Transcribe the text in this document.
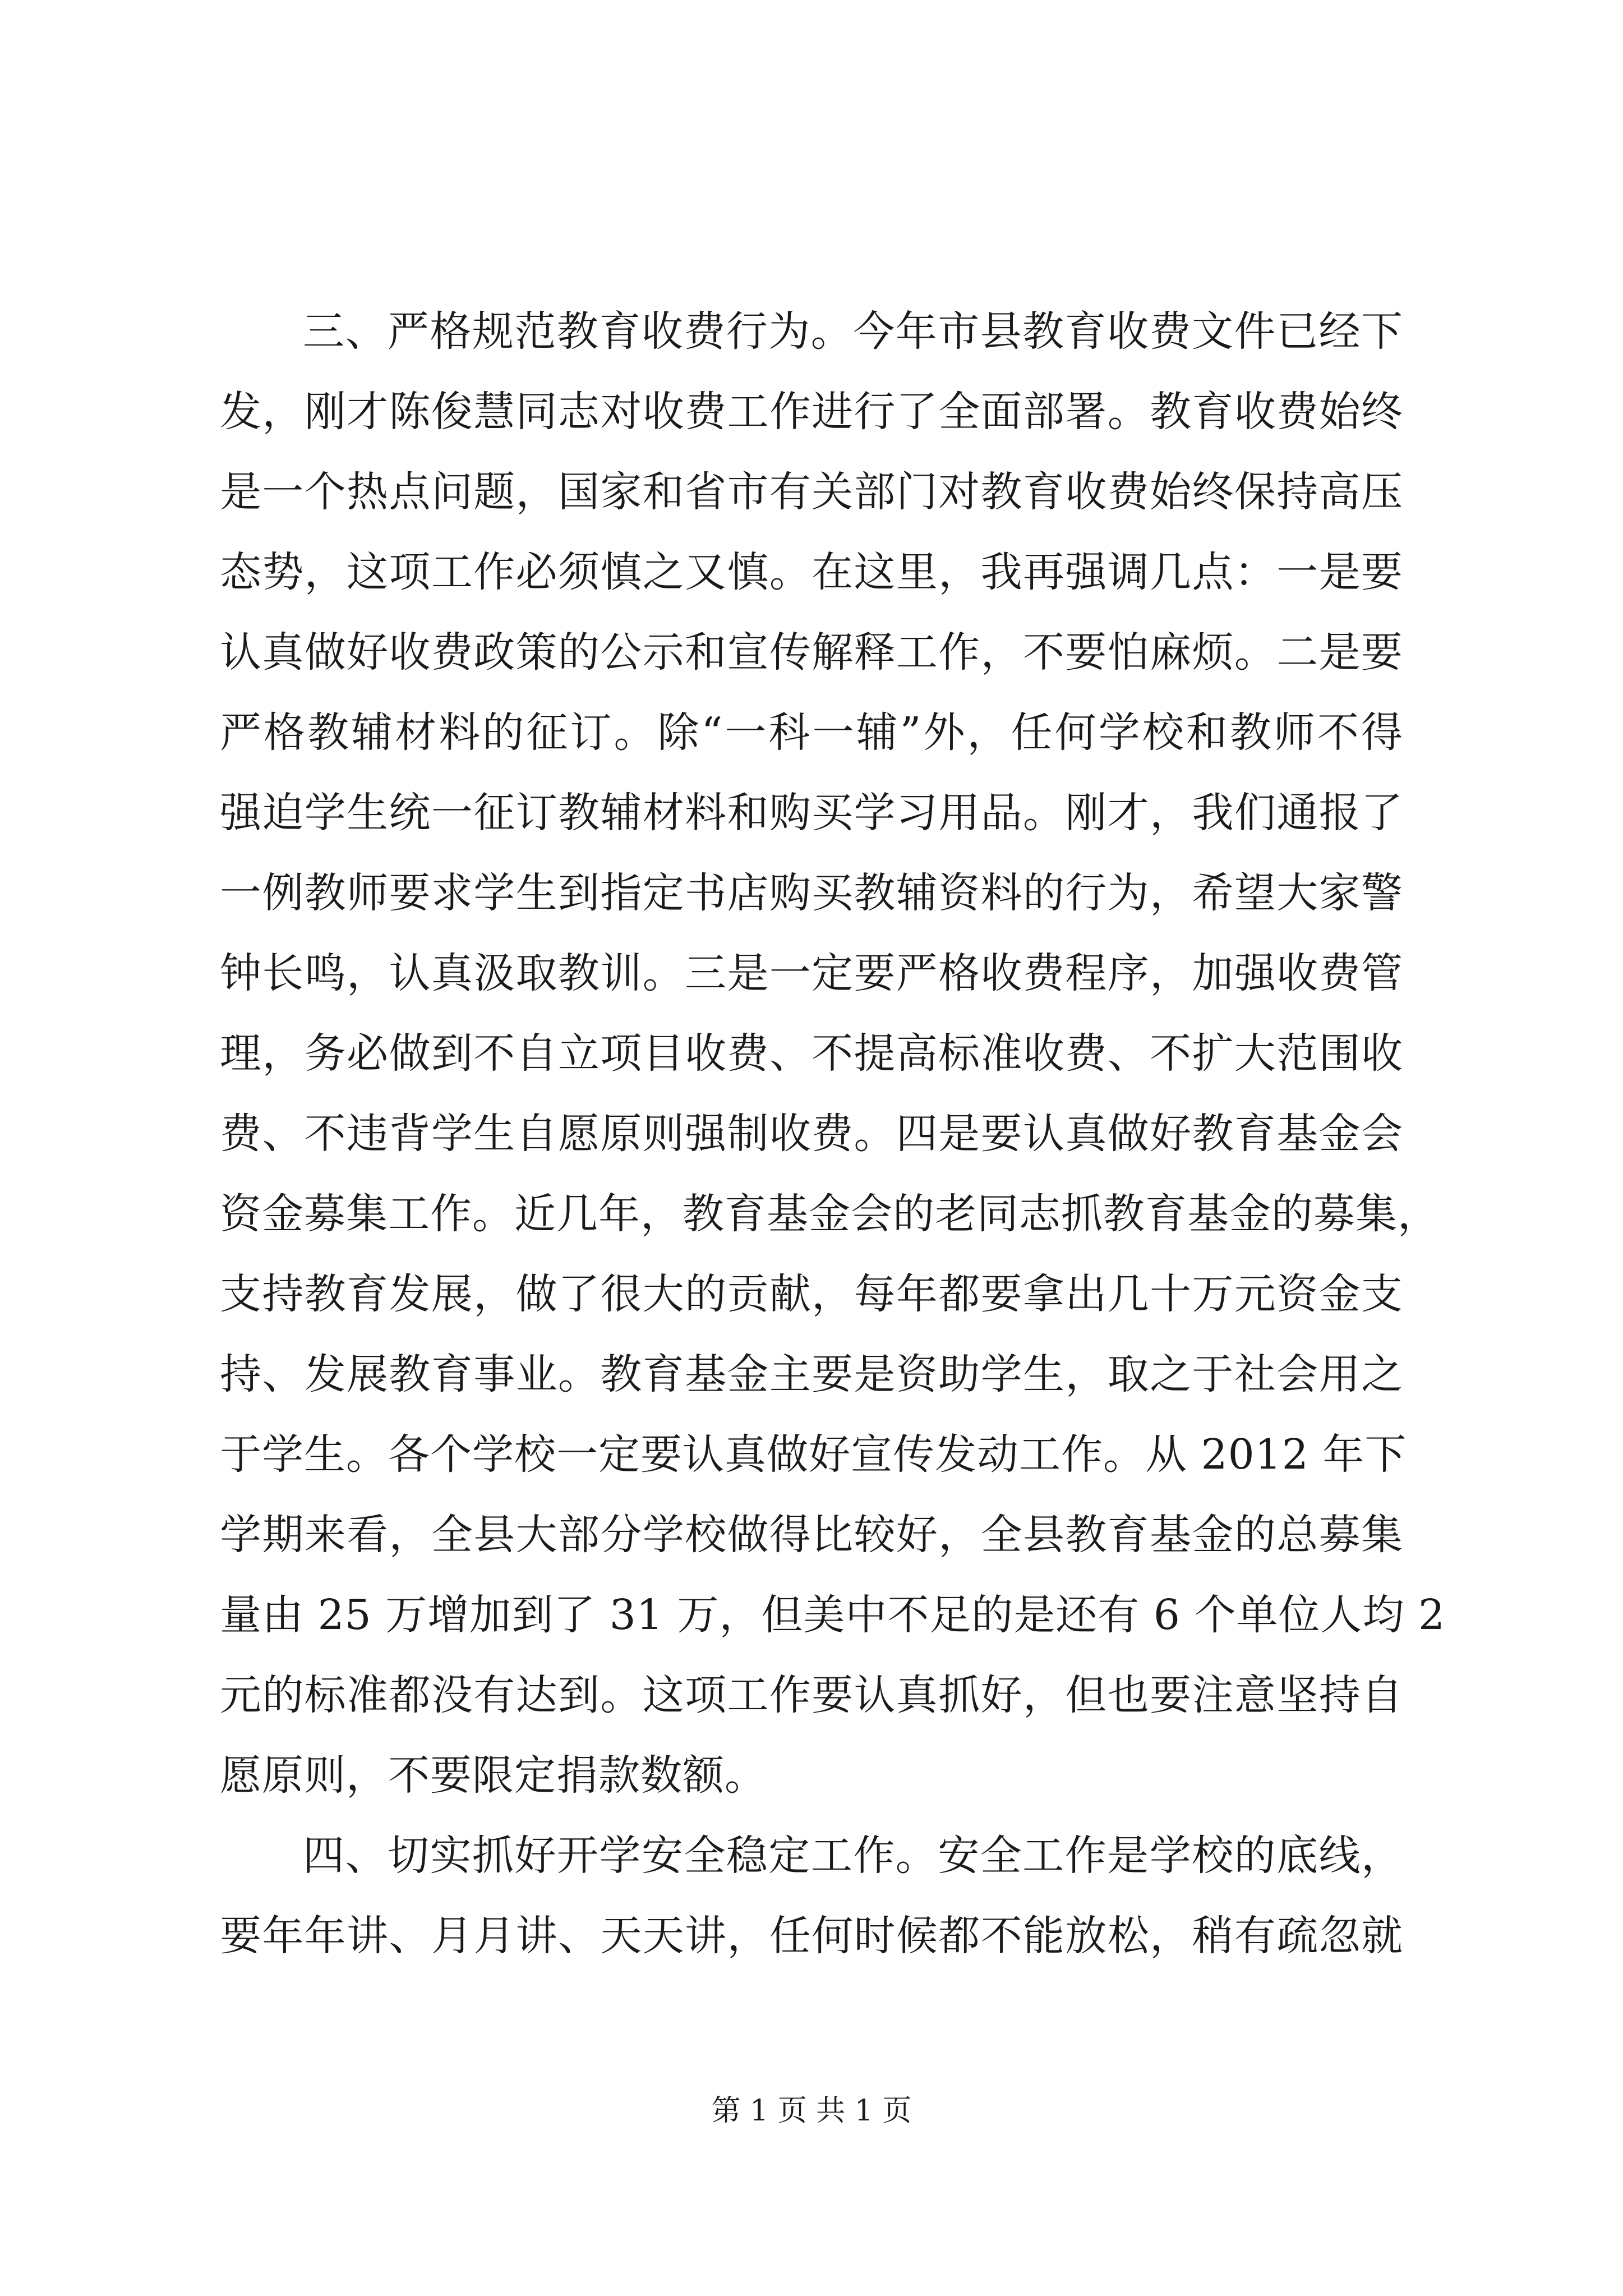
三、严格规范教育收费行为。今年市县教育收费文件已经下
发，刚才陈俊慧同志对收费工作进行了全面部署。教育收费始终
是一个热点问题，国家和省市有关部门对教育收费始终保持高压
态势，这项工作必须慎之又慎。在这里，我再强调几点：一是要
认真做好收费政策的公示和宣传解释工作，不要怕麻烦。二是要
严格教辅材料的征订。除“一科一辅”外，任何学校和教师不得
强迫学生统一征订教辅材料和购买学习用品。刚才，我们通报了
一例教师要求学生到指定书店购买教辅资料的行为，希望大家警
钟长鸣，认真汲取教训。三是一定要严格收费程序，加强收费管
理，务必做到不自立项目收费、不提高标准收费、不扩大范围收
费、不违背学生自愿原则强制收费。四是要认真做好教育基金会
资金募集工作。近几年，教育基金会的老同志抓教育基金的募集，
支持教育发展，做了很大的贡献，每年都要拿出几十万元资金支
持、发展教育事业。教育基金主要是资助学生，取之于社会用之
于学生。各个学校一定要认真做好宣传发动工作。从 2012 年下
学期来看，全县大部分学校做得比较好，全县教育基金的总募集
量由 25 万增加到了 31 万，但美中不足的是还有 6 个单位人均 2
元的标准都没有达到。这项工作要认真抓好，但也要注意坚持自
愿原则，不要限定捐款数额。
四、切实抓好开学安全稳定工作。安全工作是学校的底线，
要年年讲、月月讲、天天讲，任何时候都不能放松，稍有疏忽就
第 1 页 共 1 页
